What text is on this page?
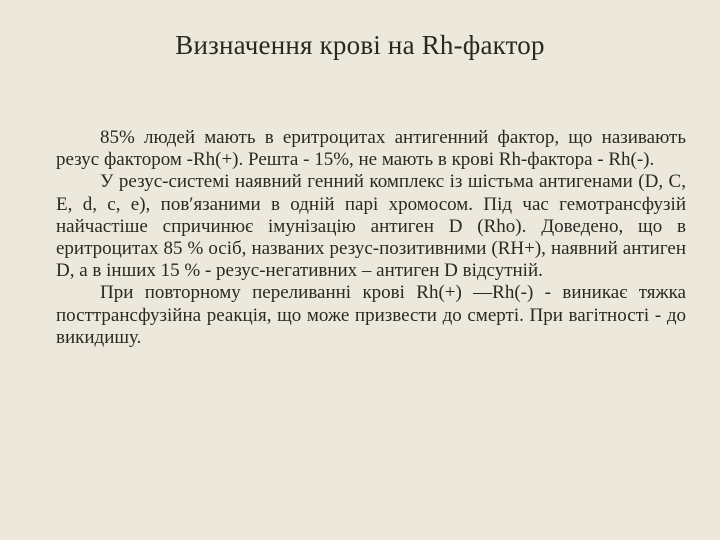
Визначення крові на Rh-фактор

85% людей мають в еритроцитах антигенний фактор, що називають резус фактором -Rh(+). Решта - 15%, не мають в крові Rh-фактора - Rh(-).

У резус-системі наявний генний комплекс із шістьма антигенами (D, C, E, d, c, e), пов′язаними в одній парі хромосом. Під час гемотрансфузій найчастіше спричинює імунізацію антиген D (Rho). Доведено, що в еритроцитах 85 % осіб, названих резус-позитивними (RH+), наявний антиген D, а в інших 15 % - резус-негативних – антиген D відсутній.

При повторному переливанні крові Rh(+) —Rh(-) - виникає тяжка посттрансфузійна реакція, що може призвести до смерті. При вагітності - до викидишу.
